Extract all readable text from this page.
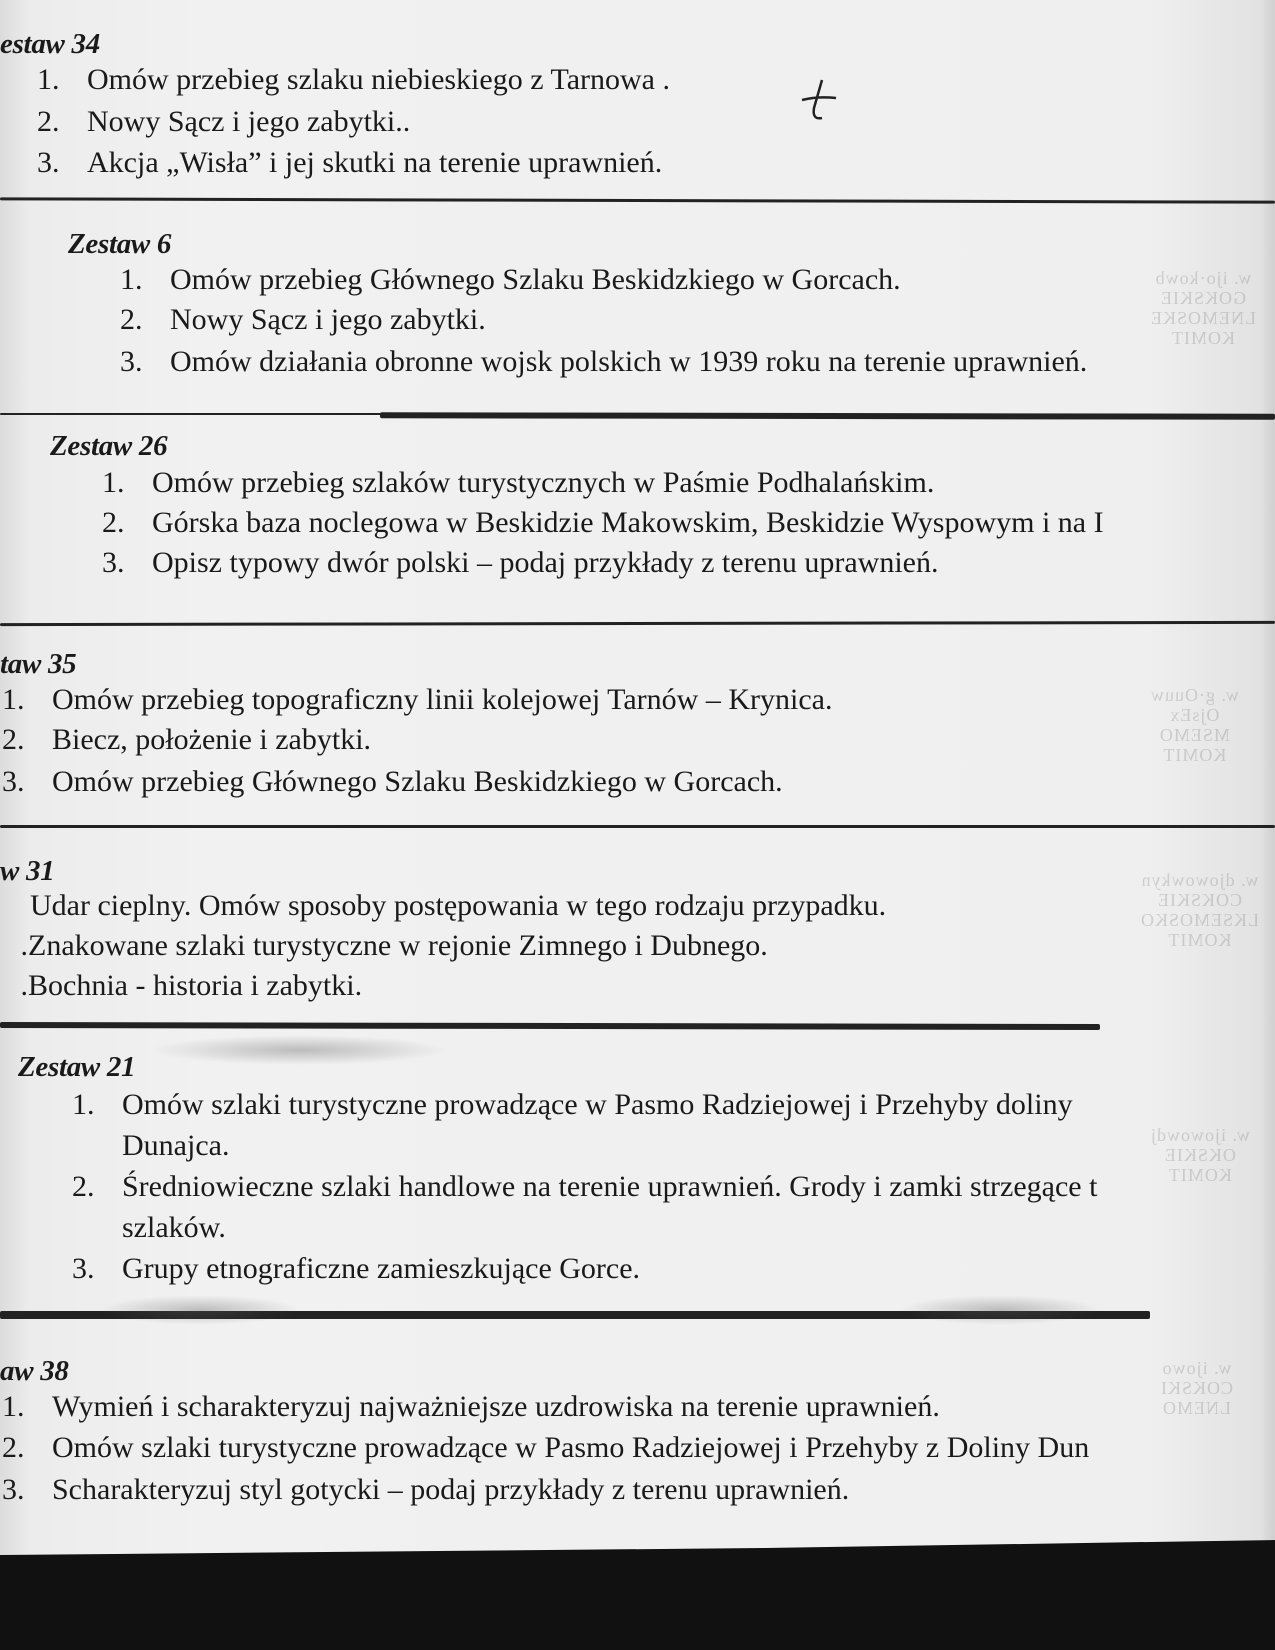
w. ijo·kowb
GOKSKIE
LNEMOSKE
KOMIT
w. g·Ouuw
OjsEx
MSEMO
KOMIT
w. djowowkyn
COKSKIE
LKSEMOSKO
KOMIT
w. ijowowdj
OKSKIE
KOMIT
w. ijowo
COKSKI
LNEMO
estaw 34
1. Omów przebieg szlaku niebieskiego z Tarnowa .
2. Nowy Sącz i jego zabytki..
3. Akcja „Wisła” i jej skutki na terenie uprawnień.
Zestaw 6
1. Omów przebieg Głównego Szlaku Beskidzkiego w Gorcach.
2. Nowy Sącz i jego zabytki.
3. Omów działania obronne wojsk polskich w 1939 roku na terenie uprawnień.
Zestaw 26
1. Omów przebieg szlaków turystycznych w Paśmie Podhalańskim.
2. Górska baza noclegowa w Beskidzie Makowskim, Beskidzie Wyspowym i na I
3. Opisz typowy dwór polski – podaj przykłady z terenu uprawnień.
taw 35
1. Omów przebieg topograficzny linii kolejowej Tarnów – Krynica.
2. Biecz, położenie i zabytki.
3. Omów przebieg Głównego Szlaku Beskidzkiego w Gorcach.
w 31
Udar cieplny. Omów sposoby postępowania w tego rodzaju przypadku.
.Znakowane szlaki turystyczne w rejonie Zimnego i Dubnego.
.Bochnia - historia i zabytki.
Zestaw 21
1. Omów szlaki turystyczne prowadzące w Pasmo Radziejowej i Przehyby doliny
Dunajca.
2. Średniowieczne szlaki handlowe na terenie uprawnień. Grody i zamki strzegące t
szlaków.
3. Grupy etnograficzne zamieszkujące Gorce.
aw 38
1. Wymień i scharakteryzuj najważniejsze uzdrowiska na terenie uprawnień.
2. Omów szlaki turystyczne prowadzące w Pasmo Radziejowej i Przehyby z Doliny Dun
3. Scharakteryzuj styl gotycki – podaj przykłady z terenu uprawnień.
